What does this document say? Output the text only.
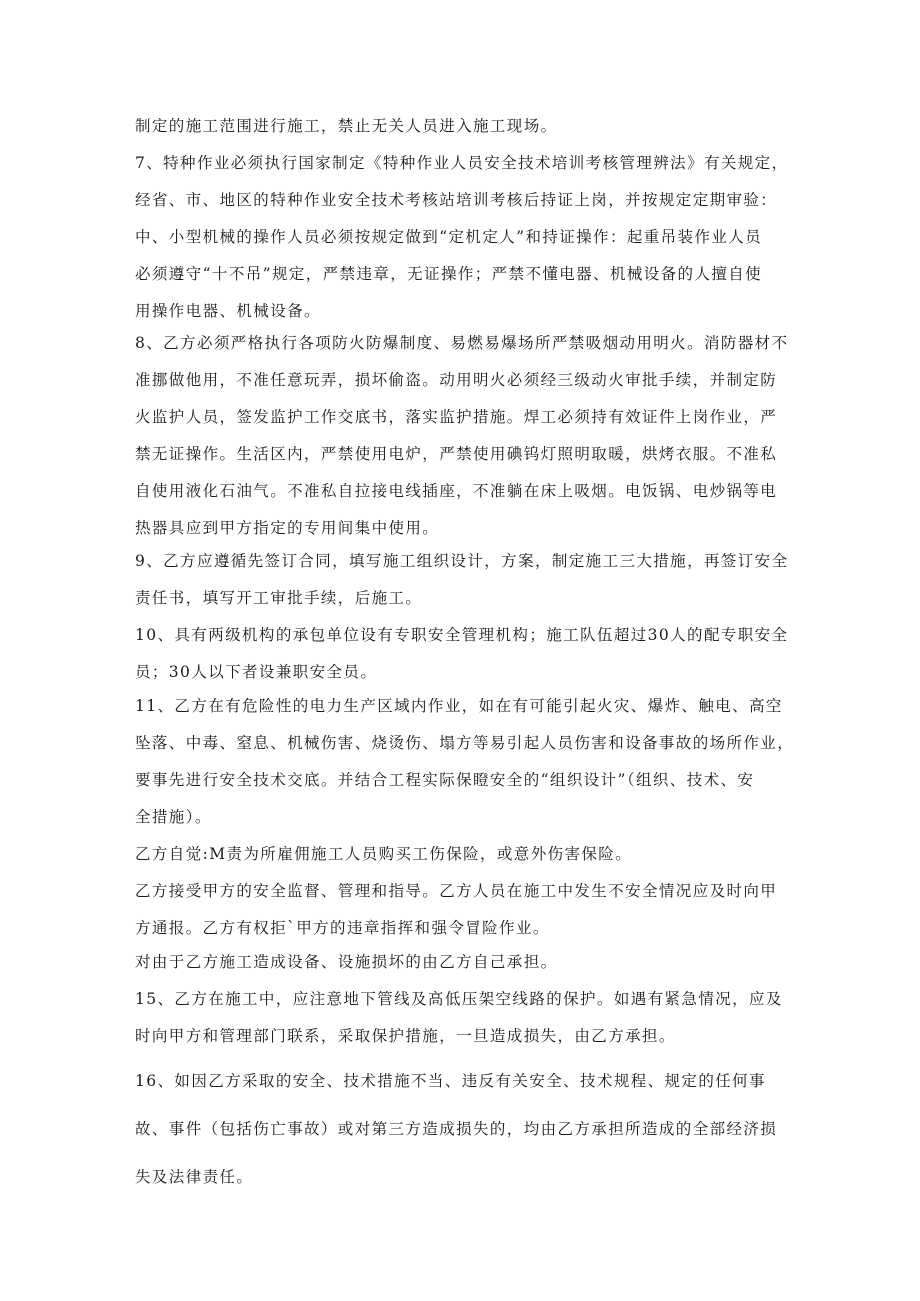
制定的施工范围进行施工，禁止无关人员进入施工现场。

7、特种作业必须执行国家制定《特种作业人员安全技术培训考核管理辨法》有关规定，
经省、市、地区的特种作业安全技术考核站培训考核后持证上岗，并按规定定期审验：
中、小型机械的操作人员必须按规定做到“定机定人”和持证操作：起重吊装作业人员
必须遵守“十不吊”规定，严禁违章，无证操作；严禁不懂电器、机械设备的人擅自使
用操作电器、机械设备。

8、乙方必须严格执行各项防火防爆制度、易燃易爆场所严禁吸烟动用明火。消防器材不
准挪做他用，不准任意玩弄，损坏偷盗。动用明火必须经三级动火审批手续，并制定防
火监护人员，签发监护工作交底书，落实监护措施。焊工必须持有效证件上岗作业，严
禁无证操作。生活区内，严禁使用电炉，严禁使用碘钨灯照明取暖，烘烤衣服。不准私
自使用液化石油气。不准私自拉接电线插座，不准躺在床上吸烟。电饭锅、电炒锅等电
热器具应到甲方指定的专用间集中使用。

9、乙方应遵循先签订合同，填写施工组织设计，方案，制定施工三大措施，再签订安全
责任书，填写开工审批手续，后施工。

10、具有两级机构的承包单位设有专职安全管理机构；施工队伍超过30人的配专职安全
员；30人以下者设兼职安全员。

11、乙方在有危险性的电力生产区域内作业，如在有可能引起火灾、爆炸、触电、高空
坠落、中毒、窒息、机械伤害、烧烫伤、塌方等易引起人员伤害和设备事故的场所作业，
要事先进行安全技术交底。并结合工程实际保瞪安全的“组织设计”（组织、技术、安
全措施）。

乙方自觉:M责为所雇佣施工人员购买工伤保险，或意外伤害保险。

乙方接受甲方的安全监督、管理和指导。乙方人员在施工中发生不安全情况应及时向甲
方通报。乙方有权拒`甲方的违章指挥和强令冒险作业。

对由于乙方施工造成设备、设施损坏的由乙方自己承担。

15、乙方在施工中，应注意地下管线及高低压架空线路的保护。如遇有紧急情况，应及
时向甲方和管理部门联系，采取保护措施，一旦造成损失，由乙方承担。

16、如因乙方采取的安全、技术措施不当、违反有关安全、技术规程、规定的任何事
故、事件（包括伤亡事故）或对第三方造成损失的，均由乙方承担所造成的全部经济损
失及法律责任。
